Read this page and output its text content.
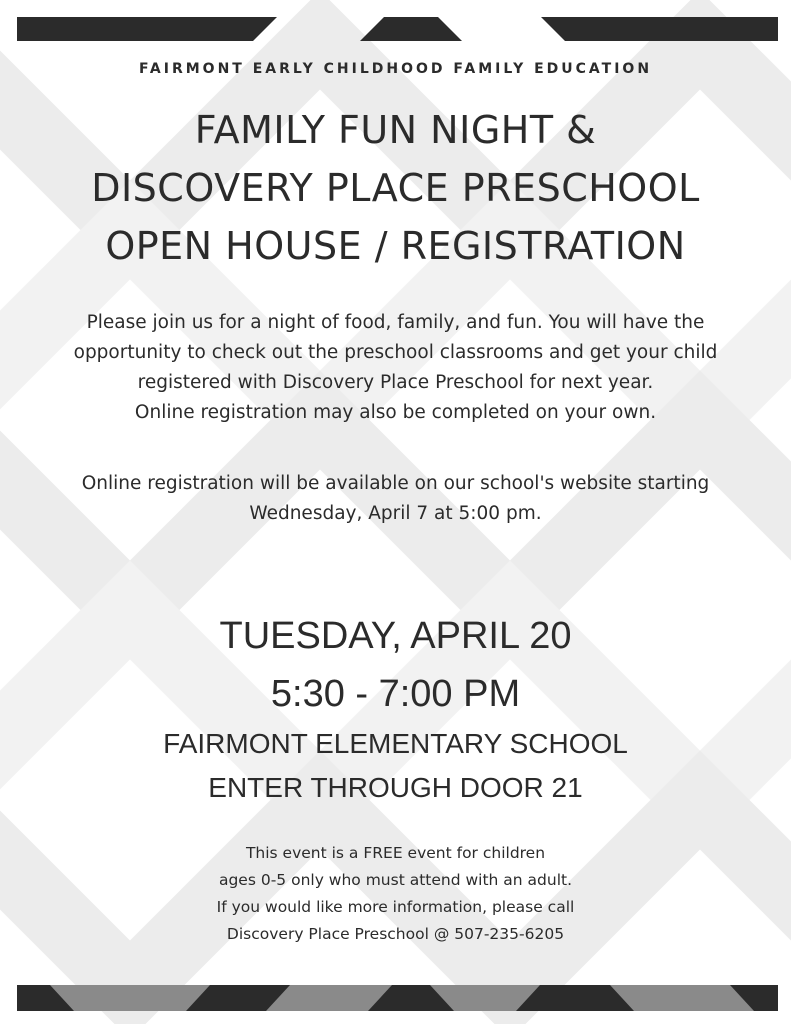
FAIRMONT EARLY CHILDHOOD FAMILY EDUCATION
FAMILY FUN NIGHT &
DISCOVERY PLACE PRESCHOOL
OPEN HOUSE / REGISTRATION
Please join us for a night of food, family, and fun. You will have the
opportunity to check out the preschool classrooms and get your child
registered with Discovery Place Preschool for next year.
Online registration may also be completed on your own.
Online registration will be available on our school's website starting
Wednesday, April 7 at 5:00 pm.
TUESDAY, APRIL 20
5:30 - 7:00 PM
FAIRMONT ELEMENTARY SCHOOL
ENTER THROUGH DOOR 21
This event is a FREE event for children
ages 0-5 only who must attend with an adult.
If you would like more information, please call
Discovery Place Preschool @ 507-235-6205
